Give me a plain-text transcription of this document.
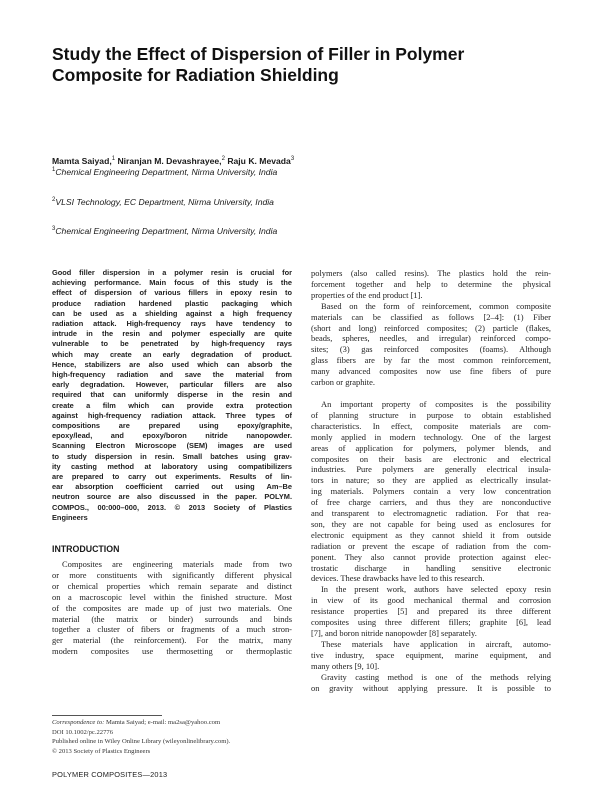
Study the Effect of Dispersion of Filler in Polymer
Composite for Radiation Shielding
Mamta Saiyad,$^1$ Niranjan M. Devashrayee,$^2$ Raju K. Mevada$^3$
$^1$Chemical Engineering Department, Nirma University, India
$^2$VLSI Technology, EC Department, Nirma University, India
$^3$Chemical Engineering Department, Nirma University, India
Good filler dispersion in a polymer resin is crucial for
achieving performance. Main focus of this study is the
effect of dispersion of various fillers in epoxy resin to
produce radiation hardened plastic packaging which
can be used as a shielding against a high frequency
radiation attack. High-frequency rays have tendency to
intrude in the resin and polymer especially are quite
vulnerable to be penetrated by high-frequency rays
which may create an early degradation of product.
Hence, stabilizers are also used which can absorb the
high-frequency radiation and save the material from
early degradation. However, particular fillers are also
required that can uniformly disperse in the resin and
create a film which can provide extra protection
against high-frequency radiation attack. Three types of
compositions are prepared using epoxy/graphite,
epoxy/lead, and epoxy/boron nitride nanopowder.
Scanning Electron Microscope (SEM) images are used
to study dispersion in resin. Small batches using grav-
ity casting method at laboratory using compatibilizers
are prepared to carry out experiments. Results of lin-
ear absorption coefficient carried out using Am–Be
neutron source are also discussed in the paper. POLYM.
COMPOS., 00:000–000, 2013. © 2013 Society of Plastics
Engineers
INTRODUCTION
Composites are engineering materials made from two
or more constituents with significantly different physical
or chemical properties which remain separate and distinct
on a macroscopic level within the finished structure. Most
of the composites are made up of just two materials. One
material (the matrix or binder) surrounds and binds
together a cluster of fibers or fragments of a much stron-
ger material (the reinforcement). For the matrix, many
modern composites use thermosetting or thermoplastic
polymers (also called resins). The plastics hold the rein-
forcement together and help to determine the physical
properties of the end product [1].
Based on the form of reinforcement, common composite
materials can be classified as follows [2–4]: (1) Fiber
(short and long) reinforced composites; (2) particle (flakes,
beads, spheres, needles, and irregular) reinforced compo-
sites; (3) gas reinforced composites (foams). Although
glass fibers are by far the most common reinforcement,
many advanced composites now use fine fibers of pure
carbon or graphite.
An important property of composites is the possibility
of planning structure in purpose to obtain established
characteristics. In effect, composite materials are com-
monly applied in modern technology. One of the largest
areas of application for polymers, polymer blends, and
composites on their basis are electronic and electrical
industries. Pure polymers are generally electrical insula-
tors in nature; so they are applied as electrically insulat-
ing materials. Polymers contain a very low concentration
of free charge carriers, and thus they are nonconductive
and transparent to electromagnetic radiation. For that rea-
son, they are not capable for being used as enclosures for
electronic equipment as they cannot shield it from outside
radiation or prevent the escape of radiation from the com-
ponent. They also cannot provide protection against elec-
trostatic discharge in handling sensitive electronic
devices. These drawbacks have led to this research.
In the present work, authors have selected epoxy resin
in view of its good mechanical thermal and corrosion
resistance properties [5] and prepared its three different
composites using three different fillers; graphite [6], lead
[7], and boron nitride nanopowder [8] separately.
These materials have application in aircraft, automo-
tive industry, space equipment, marine equipment, and
many others [9, 10].
Gravity casting method is one of the methods relying
on gravity without applying pressure. It is possible to
Correspondence to: Mamta Saiyad; e-mail: ma2sa@yahoo.com
DOI 10.1002/pc.22776
Published online in Wiley Online Library (wileyonlinelibrary.com).
© 2013 Society of Plastics Engineers
POLYMER COMPOSITES—2013
